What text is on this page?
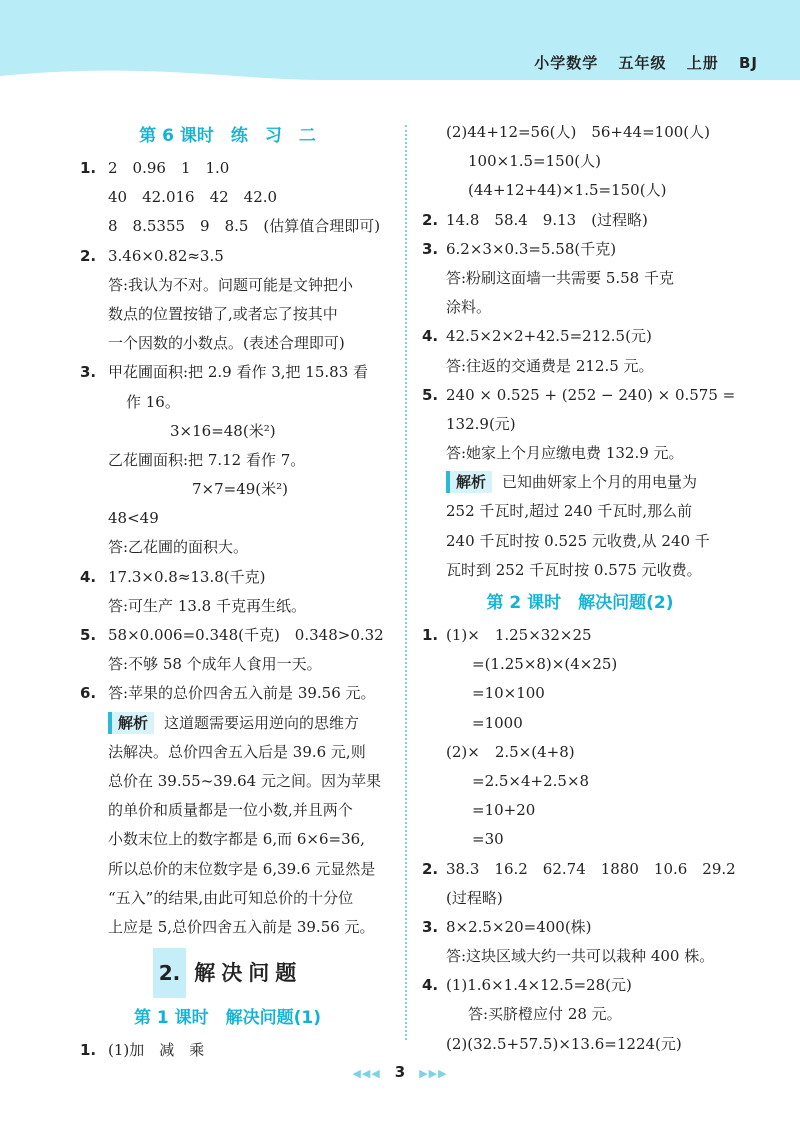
小学数学 五年级 上册 BJ
第 6 课时　练　习　二
1. 2　0.96　1　1.0
40　42.016　42　42.0
8　8.5355　9　8.5　(估算值合理即可)
2. 3.46×0.82≈3.5
答:我认为不对。问题可能是文钟把小
数点的位置按错了,或者忘了按其中
一个因数的小数点。(表述合理即可)
3. 甲花圃面积:把 2.9 看作 3,把 15.83 看
作 16。
3×16=48(米²)
乙花圃面积:把 7.12 看作 7。
7×7=49(米²)
48<49
答:乙花圃的面积大。
4. 17.3×0.8≈13.8(千克)
答:可生产 13.8 千克再生纸。
5. 58×0.006=0.348(千克)　0.348>0.32
答:不够 58 个成年人食用一天。
6. 答:苹果的总价四舍五入前是 39.56 元。
解析 这道题需要运用逆向的思维方
法解决。总价四舍五入后是 39.6 元,则
总价在 39.55~39.64 元之间。因为苹果
的单价和质量都是一位小数,并且两个
小数末位上的数字都是 6,而 6×6=36,
所以总价的末位数字是 6,39.6 元显然是
“五入”的结果,由此可知总价的十分位
上应是 5,总价四舍五入前是 39.56 元。
2. 解决问题
第 1 课时　解决问题(1)
1. (1)加　减　乘
(2)44+12=56(人)　56+44=100(人)
100×1.5=150(人)
(44+12+44)×1.5=150(人)
2. 14.8　58.4　9.13　(过程略)
3. 6.2×3×0.3=5.58(千克)
答:粉刷这面墙一共需要 5.58 千克
涂料。
4. 42.5×2×2+42.5=212.5(元)
答:往返的交通费是 212.5 元。
5. 240 × 0.525 + (252 − 240) × 0.575 =
132.9(元)
答:她家上个月应缴电费 132.9 元。
解析 已知曲妍家上个月的用电量为
252 千瓦时,超过 240 千瓦时,那么前
240 千瓦时按 0.525 元收费,从 240 千
瓦时到 252 千瓦时按 0.575 元收费。
第 2 课时　解决问题(2)
1. (1)×　1.25×32×25
=(1.25×8)×(4×25)
=10×100
=1000
(2)×　2.5×(4+8)
=2.5×4+2.5×8
=10+20
=30
2. 38.3　16.2　62.74　1880　10.6　29.2
(过程略)
3. 8×2.5×20=400(株)
答:这块区域大约一共可以栽种 400 株。
4. (1)1.6×1.4×12.5=28(元)
答:买脐橙应付 28 元。
(2)(32.5+57.5)×13.6=1224(元)
◀◀◀ 3 ▶▶▶
